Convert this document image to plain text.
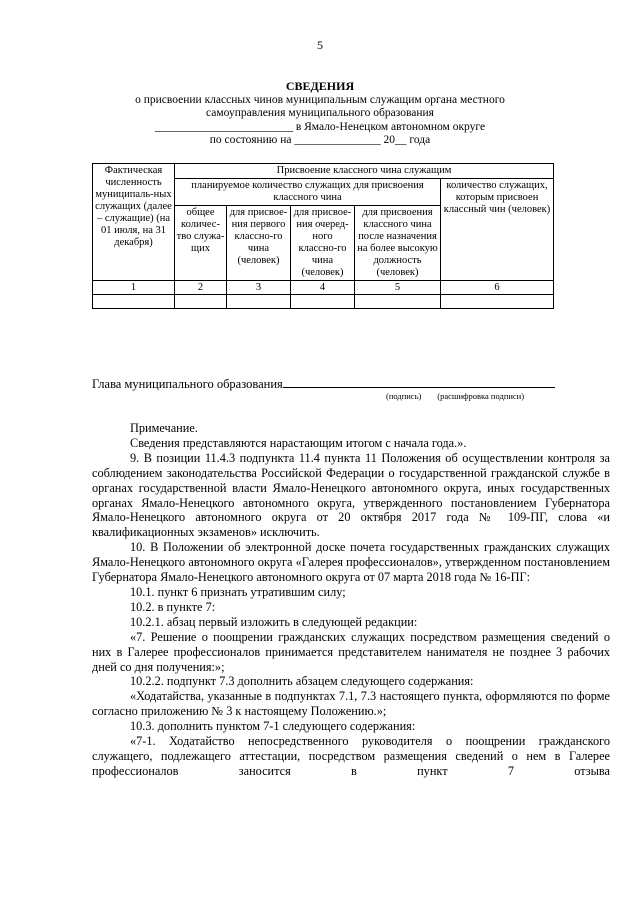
5
СВЕДЕНИЯ
о присвоении классных чинов муниципальным служащим органа местного
самоуправления муниципального образования
________________________ в Ямало-Ненецком автономном округе
по состоянию на _______________ 20__ года
Фактическая численность муниципаль-ных служащих (далее – служащие) (на 01 июля, на 31 декабря)	Присвоение классного чина служащим				
	планируемое количество служащих для присвоения классного чина				количество служащих, которым присвоен классный чин (человек)
	общее количес-тво служа-щих	для присвое-ния первого классно-го чина (человек)	для присвое-ния очеред-ного классно-го чина (человек)	для присвоения классного чина после назначения на более высокую должность (человек)	
1	2	3	4	5	6

Глава муниципального образования
(подпись) (расшифровка подписи)

Примечание.

Сведения представляются нарастающим итогом с начала года.».

9. В позиции 11.4.3 подпункта 11.4 пункта 11 Положения об осуществлении контроля за соблюдением законодательства Российской Федерации о государственной гражданской службе в органах государственной власти Ямало-Ненецкого автономного округа, иных государственных органах Ямало-Ненецкого автономного округа, утвержденного постановлением Губернатора Ямало-Ненецкого автономного округа от 20 октября 2017 года № 109-ПГ, слова «и квалификационных экзаменов» исключить.

10. В Положении об электронной доске почета государственных гражданских служащих Ямало-Ненецкого автономного округа «Галерея профессионалов», утвержденном постановлением Губернатора Ямало-Ненецкого автономного округа от 07 марта 2018 года № 16-ПГ:

10.1. пункт 6 признать утратившим силу;

10.2. в пункте 7:

10.2.1. абзац первый изложить в следующей редакции:

«7. Решение о поощрении гражданских служащих посредством размещения сведений о них в Галерее профессионалов принимается представителем нанимателя не позднее 3 рабочих дней со дня получения:»;

10.2.2. подпункт 7.3 дополнить абзацем следующего содержания:

«Ходатайства, указанные в подпунктах 7.1, 7.3 настоящего пункта, оформляются по форме согласно приложению № 3 к настоящему Положению.»;

10.3. дополнить пунктом 7-1 следующего содержания:

«7-1. Ходатайство непосредственного руководителя о поощрении гражданского служащего, подлежащего аттестации, посредством размещения сведений о нем в Галерее профессионалов заносится в пункт 7 отзыва
